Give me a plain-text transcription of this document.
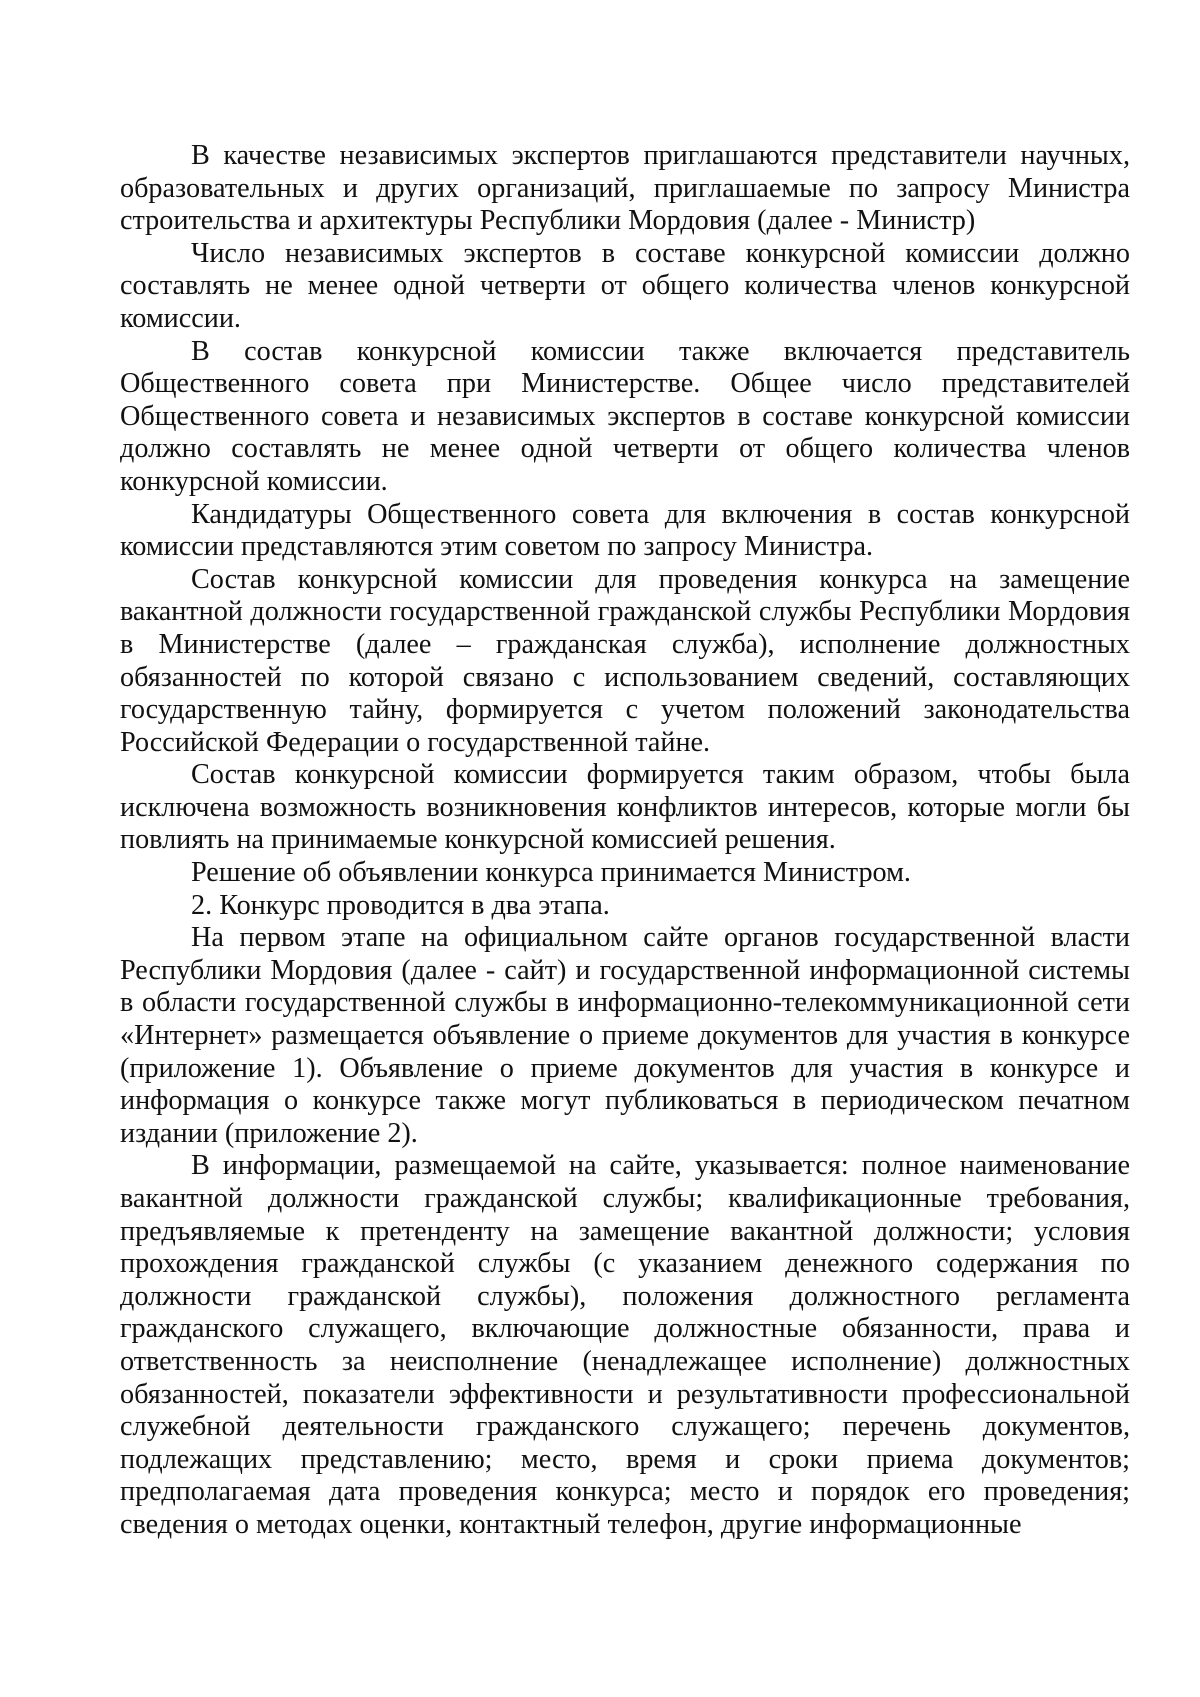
В качестве независимых экспертов приглашаются представители научных, образовательных и других организаций, приглашаемые по запросу Министра строительства и архитектуры Республики Мордовия (далее - Министр)

Число независимых экспертов в составе конкурсной комиссии должно составлять не менее одной четверти от общего количества членов конкурсной комиссии.

В состав конкурсной комиссии также включается представитель Общественного совета при Министерстве. Общее число представителей Общественного совета и независимых экспертов в составе конкурсной комиссии должно составлять не менее одной четверти от общего количества членов конкурсной комиссии.

Кандидатуры Общественного совета для включения в состав конкурсной комиссии представляются этим советом по запросу Министра.

Состав конкурсной комиссии для проведения конкурса на замещение вакантной должности государственной гражданской службы Республики Мордовия в Министерстве (далее – гражданская служба), исполнение должностных обязанностей по которой связано с использованием сведений, составляющих государственную тайну, формируется с учетом положений законодательства Российской Федерации о государственной тайне.

Состав конкурсной комиссии формируется таким образом, чтобы была исключена возможность возникновения конфликтов интересов, которые могли бы повлиять на принимаемые конкурсной комиссией решения.

Решение об объявлении конкурса принимается Министром.

2. Конкурс проводится в два этапа.

На первом этапе на официальном сайте органов государственной власти Республики Мордовия (далее - сайт) и государственной информационной системы в области государственной службы в информационно-телекоммуникационной сети «Интернет» размещается объявление о приеме документов для участия в конкурсе (приложение 1). Объявление о приеме документов для участия в конкурсе и информация о конкурсе также могут публиковаться в периодическом печатном издании (приложение 2).

В информации, размещаемой на сайте, указывается: полное наименование вакантной должности гражданской службы; квалификационные требования, предъявляемые к претенденту на замещение вакантной должности; условия прохождения гражданской службы (с указанием денежного содержания по должности гражданской службы), положения должностного регламента гражданского служащего, включающие должностные обязанности, права и ответственность за неисполнение (ненадлежащее исполнение) должностных обязанностей, показатели эффективности и результативности профессиональной служебной деятельности гражданского служащего; перечень документов, подлежащих представлению; место, время и сроки приема документов; предполагаемая дата проведения конкурса; место и порядок его проведения; сведения о методах оценки, контактный телефон, другие информационные
